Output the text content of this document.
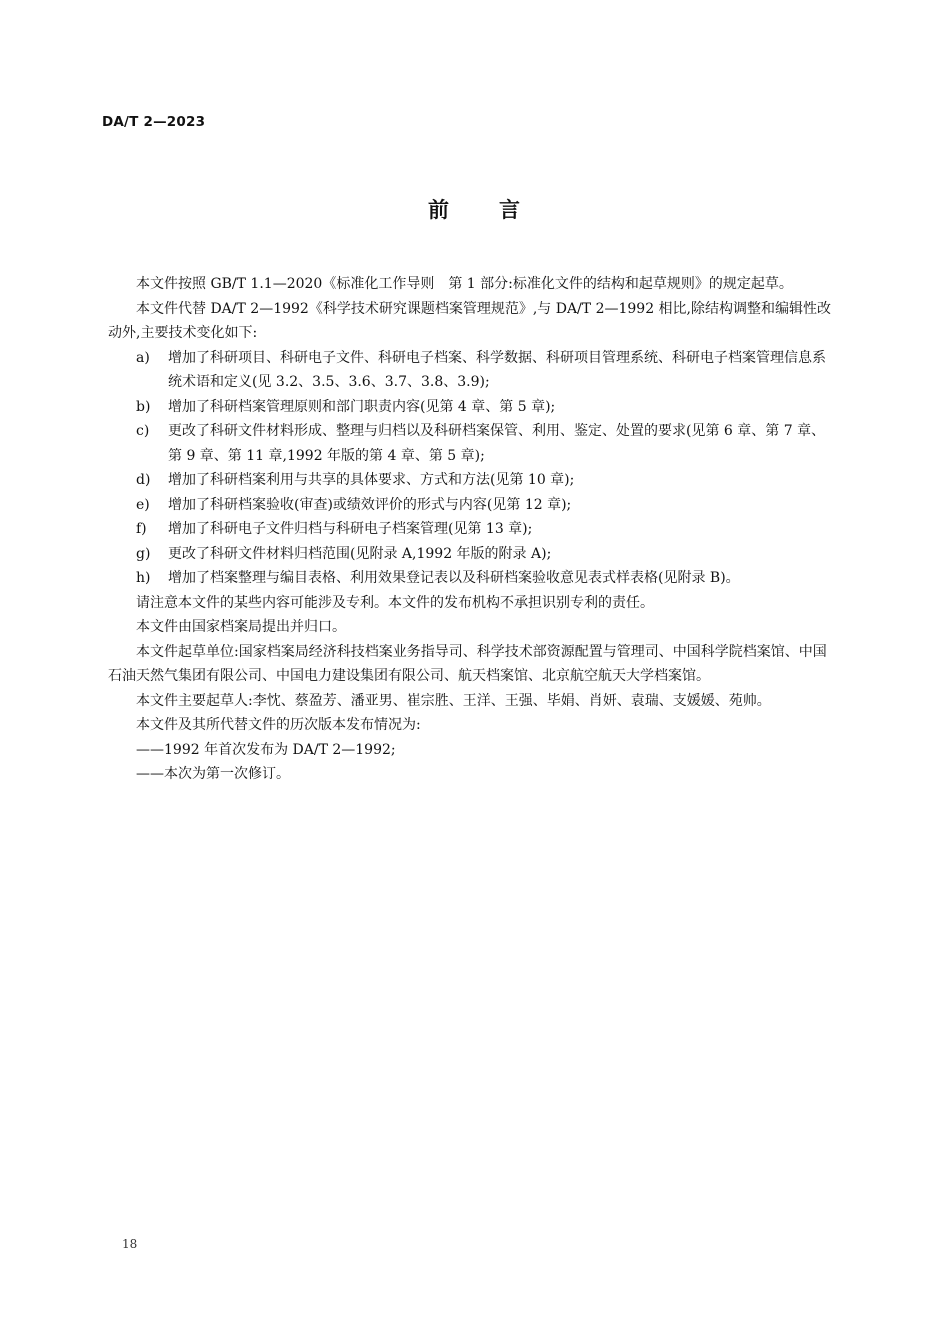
DA/T 2—2023
前 言
本文件按照 GB/T 1.1—2020《标准化工作导则　第 1 部分:标准化文件的结构和起草规则》的规定起草。
本文件代替 DA/T 2—1992《科学技术研究课题档案管理规范》,与 DA/T 2—1992 相比,除结构调整和编辑性改动外,主要技术变化如下:
a) 增加了科研项目、科研电子文件、科研电子档案、科学数据、科研项目管理系统、科研电子档案管理信息系统术语和定义(见 3.2、3.5、3.6、3.7、3.8、3.9);
b) 增加了科研档案管理原则和部门职责内容(见第 4 章、第 5 章);
c) 更改了科研文件材料形成、整理与归档以及科研档案保管、利用、鉴定、处置的要求(见第 6 章、第 7 章、第 9 章、第 11 章,1992 年版的第 4 章、第 5 章);
d) 增加了科研档案利用与共享的具体要求、方式和方法(见第 10 章);
e) 增加了科研档案验收(审查)或绩效评价的形式与内容(见第 12 章);
f) 增加了科研电子文件归档与科研电子档案管理(见第 13 章);
g) 更改了科研文件材料归档范围(见附录 A,1992 年版的附录 A);
h) 增加了档案整理与编目表格、利用效果登记表以及科研档案验收意见表式样表格(见附录 B)。
请注意本文件的某些内容可能涉及专利。本文件的发布机构不承担识别专利的责任。
本文件由国家档案局提出并归口。
本文件起草单位:国家档案局经济科技档案业务指导司、科学技术部资源配置与管理司、中国科学院档案馆、中国石油天然气集团有限公司、中国电力建设集团有限公司、航天档案馆、北京航空航天大学档案馆。
本文件主要起草人:李忱、蔡盈芳、潘亚男、崔宗胜、王洋、王强、毕娟、肖妍、袁瑞、支媛媛、苑帅。
本文件及其所代替文件的历次版本发布情况为:
——1992 年首次发布为 DA/T 2—1992;
——本次为第一次修订。
18
